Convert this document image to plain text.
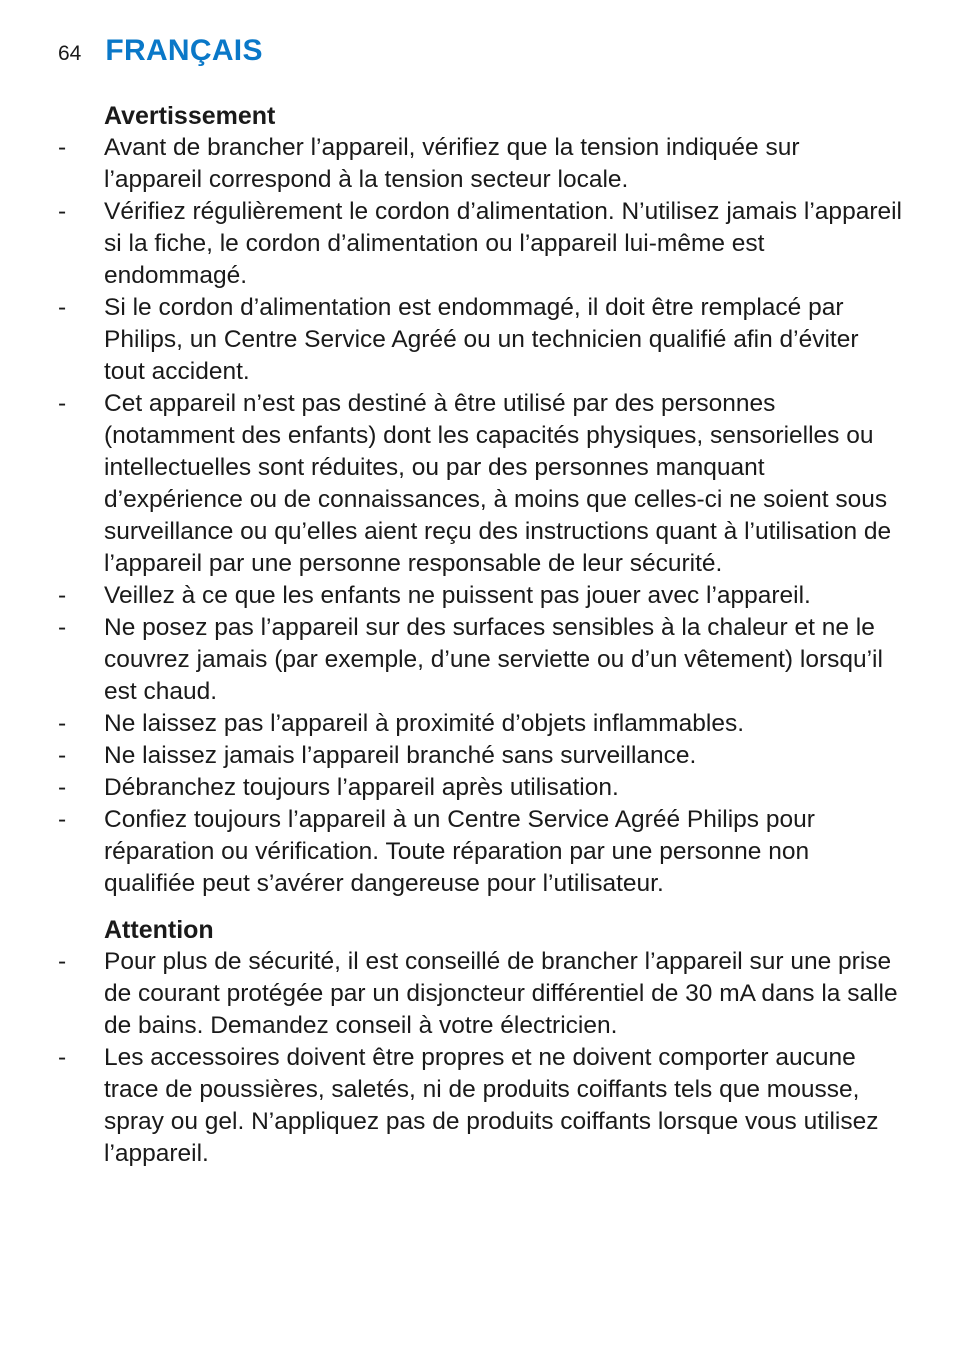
64 FRANÇAIS
Avertissement
- Avant de brancher l’appareil, vérifiez que la tension indiquée sur l’appareil correspond à la tension secteur locale.
- Vérifiez régulièrement le cordon d’alimentation. N’utilisez jamais l’appareil si la fiche, le cordon d’alimentation ou l’appareil lui-même est endommagé.
- Si le cordon d’alimentation est endommagé, il doit être remplacé par Philips, un Centre Service Agréé ou un technicien qualifié afin d’éviter tout accident.
- Cet appareil n’est pas destiné à être utilisé par des personnes (notamment des enfants) dont les capacités physiques, sensorielles ou intellectuelles sont réduites, ou par des personnes manquant d’expérience ou de connaissances, à moins que celles-ci ne soient sous surveillance ou qu’elles aient reçu des instructions quant à l’utilisation de l’appareil par une personne responsable de leur sécurité.
- Veillez à ce que les enfants ne puissent pas jouer avec l’appareil.
- Ne posez pas l’appareil sur des surfaces sensibles à la chaleur et ne le couvrez jamais (par exemple, d’une serviette ou d’un vêtement) lorsqu’il est chaud.
- Ne laissez pas l’appareil à proximité d’objets inflammables.
- Ne laissez jamais l’appareil branché sans surveillance.
- Débranchez toujours l’appareil après utilisation.
- Confiez toujours l’appareil à un Centre Service Agréé Philips pour réparation ou vérification. Toute réparation par une personne non qualifiée peut s’avérer dangereuse pour l’utilisateur.
Attention
- Pour plus de sécurité, il est conseillé de brancher l’appareil sur une prise de courant protégée par un disjoncteur différentiel de 30 mA dans la salle de bains. Demandez conseil à votre électricien.
- Les accessoires doivent être propres et ne doivent comporter aucune trace de poussières, saletés, ni de produits coiffants tels que mousse, spray ou gel. N’appliquez pas de produits coiffants lorsque vous utilisez l’appareil.
